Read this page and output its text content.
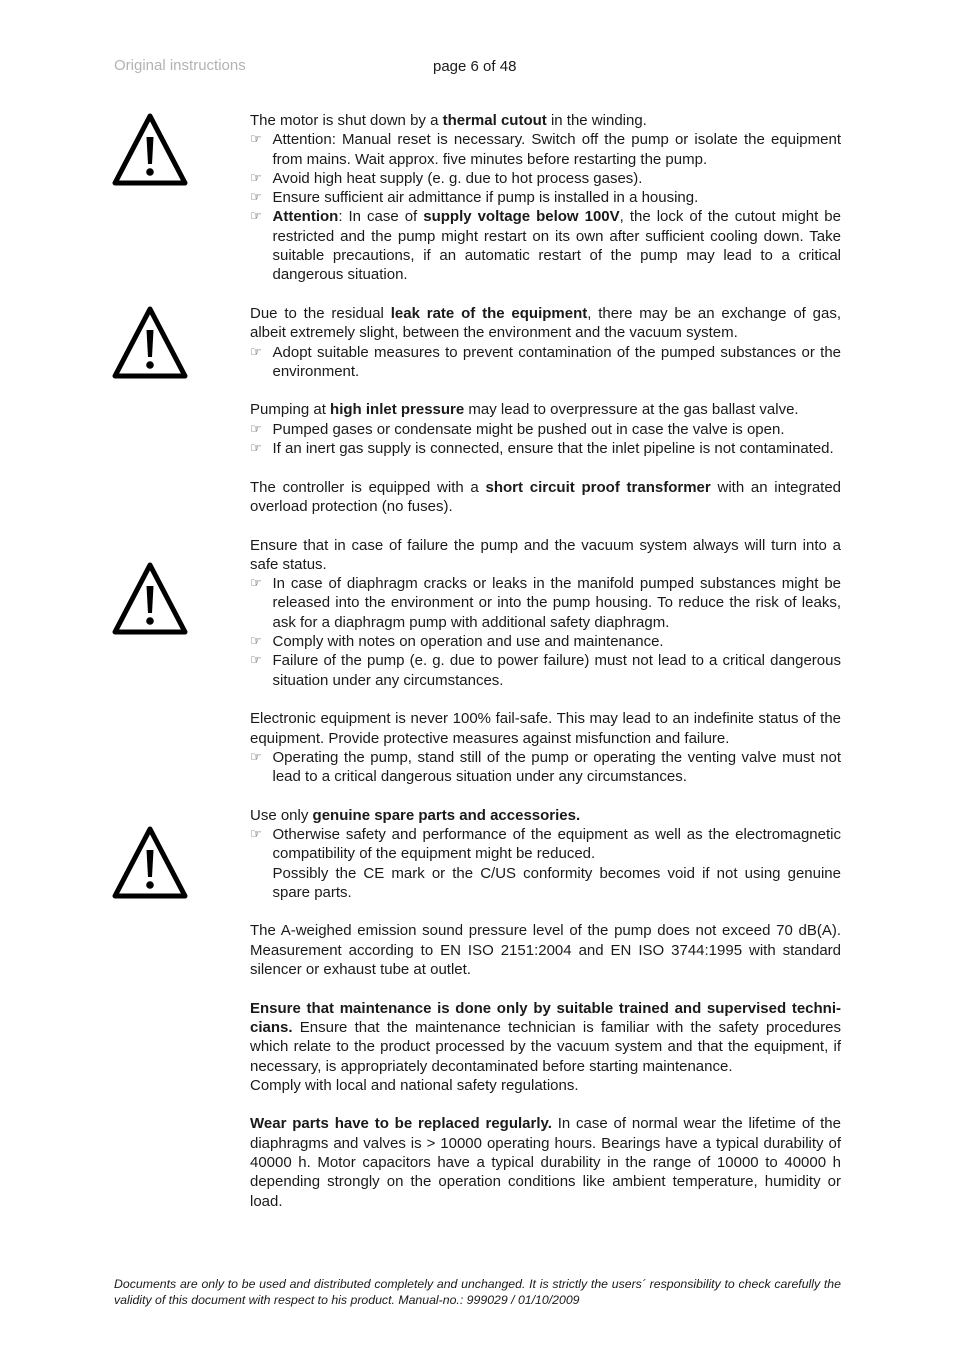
Original instructions	page 6 of 48

The motor is shut down by a thermal cutout in the winding.

☞ Attention: Manual reset is necessary. Switch off the pump or isolate the equipment from mains. Wait approx. five minutes before restarting the pump.
☞ Avoid high heat supply (e. g. due to hot process gases).
☞ Ensure sufficient air admittance if pump is installed in a housing.
☞ Attention: In case of supply voltage below 100V, the lock of the cutout might be restricted and the pump might restart on its own after sufficient cooling down. Take suitable precautions, if an automatic restart of the pump may lead to a critical dangerous situation.

Due to the residual leak rate of the equipment, there may be an exchange of gas, albeit extremely slight, between the environment and the vacuum system.

☞ Adopt suitable measures to prevent contamination of the pumped substances or the environment.

Pumping at high inlet pressure may lead to overpressure at the gas ballast valve.

☞ Pumped gases or condensate might be pushed out in case the valve is open.
☞ If an inert gas supply is connected, ensure that the inlet pipeline is not contaminated.

The controller is equipped with a short circuit proof transformer with an integrated overload protection (no fuses).

Ensure that in case of failure the pump and the vacuum system always will turn into a safe status.

☞ In case of diaphragm cracks or leaks in the manifold pumped substances might be released into the environment or into the pump housing. To reduce the risk of leaks, ask for a diaphragm pump with additional safety diaphragm.
☞ Comply with notes on operation and use and maintenance.
☞ Failure of the pump (e. g. due to power failure) must not lead to a critical dangerous situation under any circumstances.

Electronic equipment is never 100% fail-safe. This may lead to an indefinite status of the equipment. Provide protective measures against misfunction and failure.

☞ Operating the pump, stand still of the pump or operating the venting valve must not lead to a critical dangerous situation under any circumstances.

Use only genuine spare parts and accessories.

☞ Otherwise safety and performance of the equipment as well as the electromagnetic compatibility of the equipment might be reduced.
Possibly the CE mark or the C/US conformity becomes void if not using genuine spare parts.

The A-weighed emission sound pressure level of the pump does not exceed 70 dB(A). Measurement according to EN ISO 2151:2004 and EN ISO 3744:1995 with standard silencer or exhaust tube at outlet.

Ensure that maintenance is done only by suitable trained and supervised technicians. Ensure that the maintenance technician is familiar with the safety procedures which relate to the product processed by the vacuum system and that the equipment, if necessary, is appropriately decontaminated before starting maintenance.

Comply with local and national safety regulations.

Wear parts have to be replaced regularly. In case of normal wear the lifetime of the diaphragms and valves is > 10000 operating hours. Bearings have a typical durability of 40000 h. Motor capacitors have a typical durability in the range of 10000 to 40000 h depending strongly on the operation conditions like ambient temperature, humidity or load.

Documents are only to be used and distributed completely and unchanged. It is strictly the users´ responsibility to check carefully the validity of this document with respect to his product. Manual-no.: 999029 / 01/10/2009
